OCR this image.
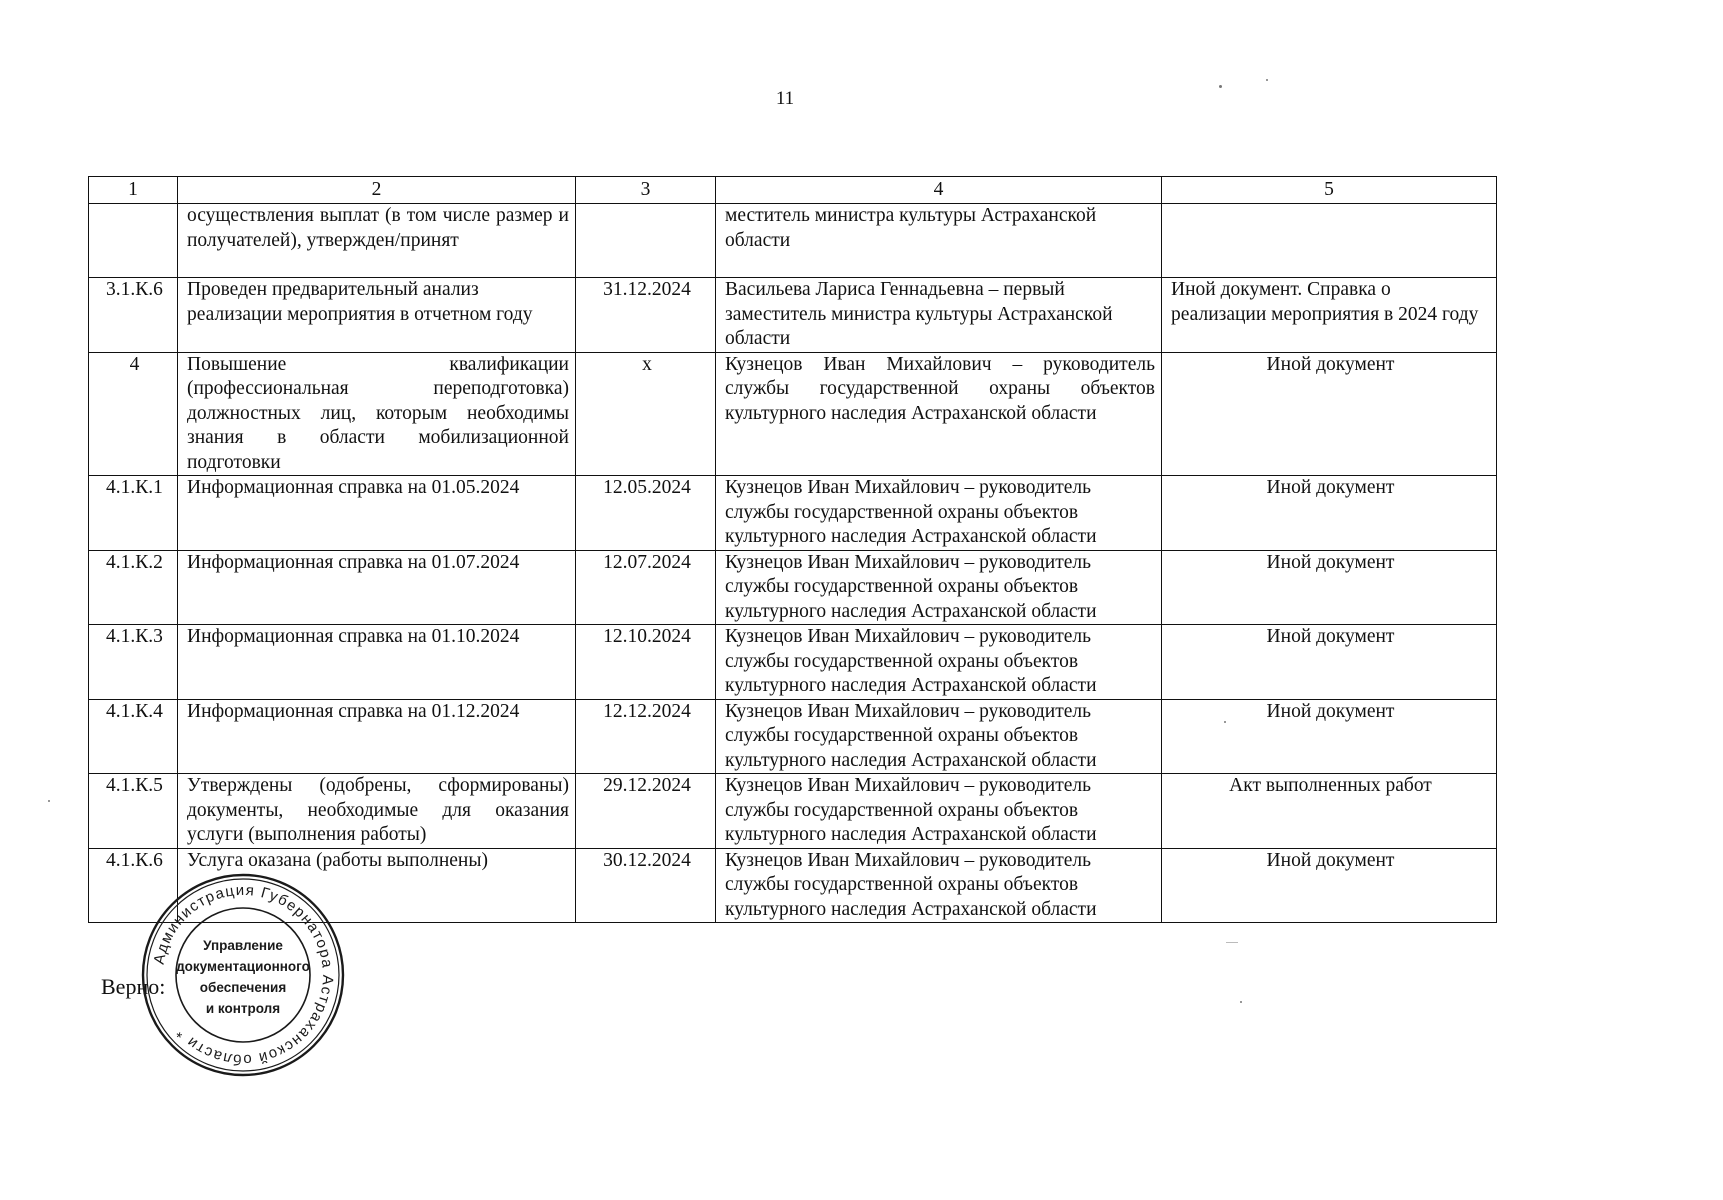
11
1	2	3	4	5
	осуществления выплат (в том числе размер и получателей), утвержден/принят		меститель министра культуры Астраханской области	
3.1.К.6	Проведен предварительный анализ реализации мероприятия в отчетном году	31.12.2024	Васильева Лариса Геннадьевна – первый заместитель министра культуры Астраханской области	Иной документ. Справка о реализации мероприятия в 2024 году
4	Повышение квалификации (профессиональная переподготовка) должностных лиц, которым необходимы знания в области мобилизационной подготовки	х	Кузнецов Иван Михайлович – руководитель службы государственной охраны объектов культурного наследия Астраханской области	Иной документ
4.1.К.1	Информационная справка на 01.05.2024	12.05.2024	Кузнецов Иван Михайлович – руководитель службы государственной охраны объектов культурного наследия Астраханской области	Иной документ
4.1.К.2	Информационная справка на 01.07.2024	12.07.2024	Кузнецов Иван Михайлович – руководитель службы государственной охраны объектов культурного наследия Астраханской области	Иной документ
4.1.К.3	Информационная справка на 01.10.2024	12.10.2024	Кузнецов Иван Михайлович – руководитель службы государственной охраны объектов культурного наследия Астраханской области	Иной документ
4.1.К.4	Информационная справка на 01.12.2024	12.12.2024	Кузнецов Иван Михайлович – руководитель службы государственной охраны объектов культурного наследия Астраханской области	Иной документ
4.1.К.5	Утверждены (одобрены, сформированы) документы, необходимые для оказания услуги (выполнения работы)	29.12.2024	Кузнецов Иван Михайлович – руководитель службы государственной охраны объектов культурного наследия Астраханской области	Акт выполненных работ
4.1.К.6	Услуга оказана (работы выполнены)	30.12.2024	Кузнецов Иван Михайлович – руководитель службы государственной охраны объектов культурного наследия Астраханской области	Иной документ
Верно:
Администрация Губернатора Астраханской области *
Управление
документационного
обеспечения
и контроля
